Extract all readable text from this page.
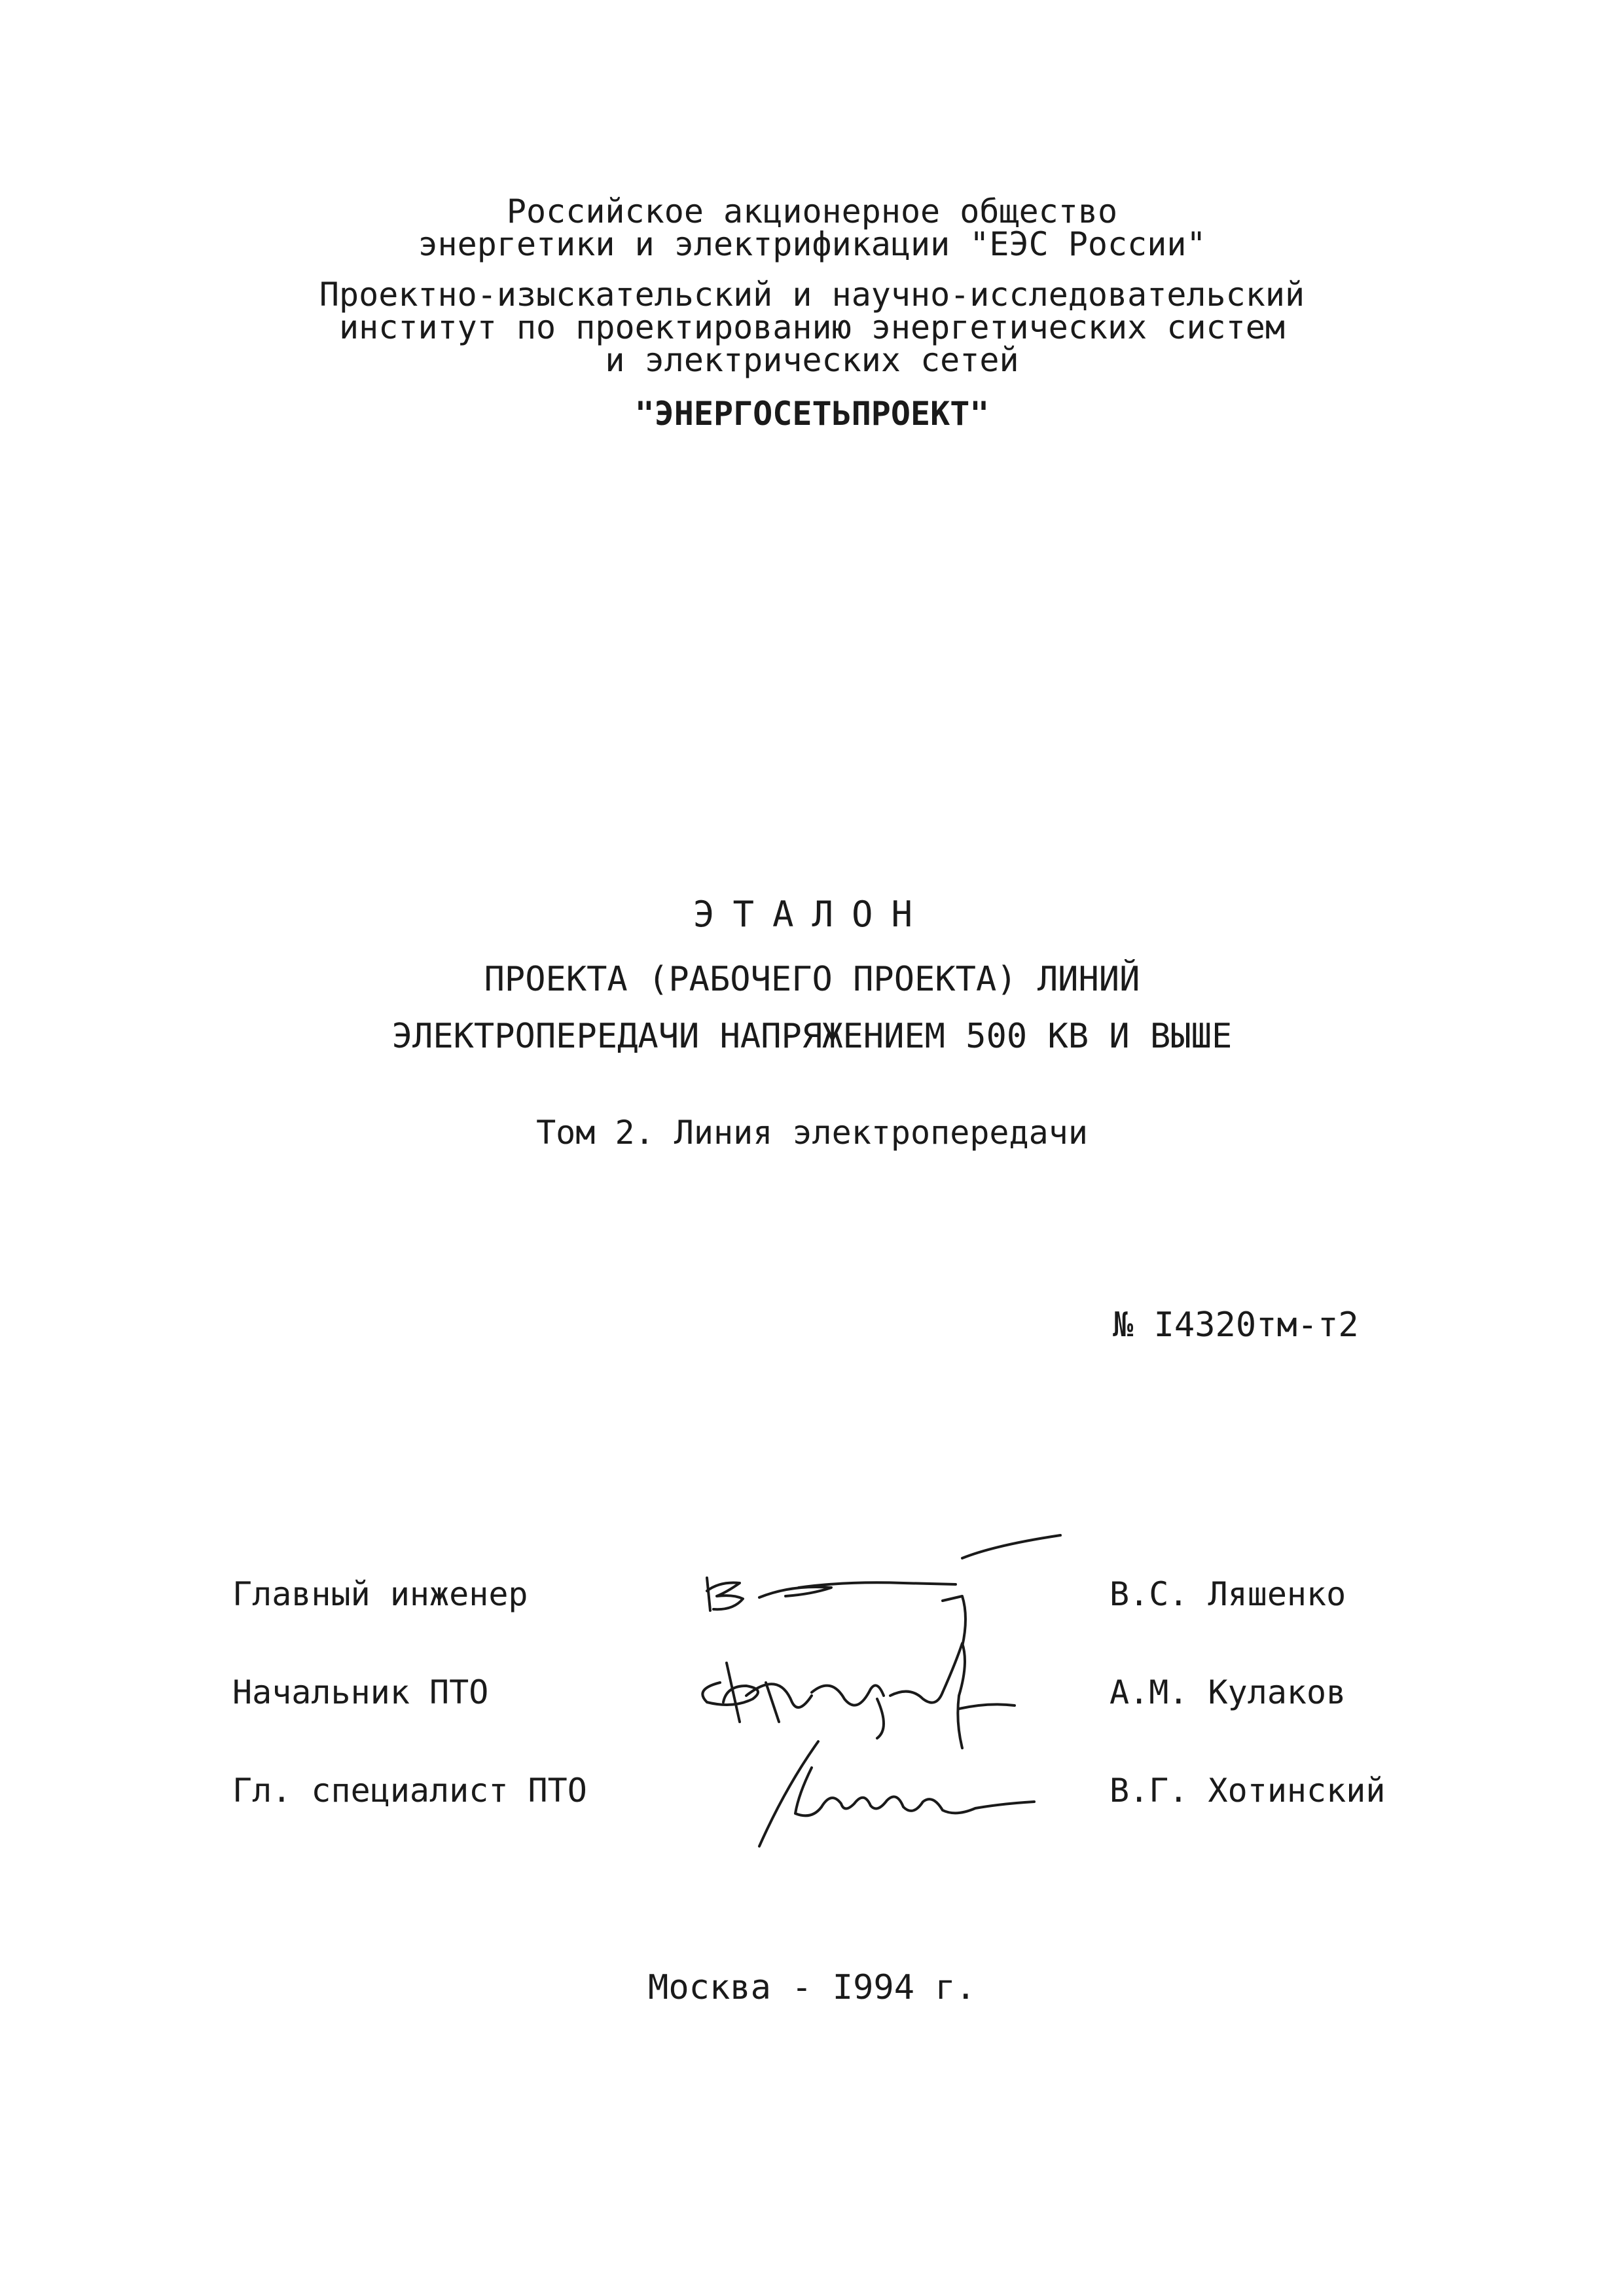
Российское акционерное общество
энергетики и электрификации "ЕЭС России"
Проектно-изыскательский и научно-исследовательский
институт по проектированию энергетических систем
и электрических сетей
"ЭНЕРГОСЕТЬПРОЕКТ"
ЭТАЛОН
ПРОЕКТА (РАБОЧЕГО ПРОЕКТА) ЛИНИЙ
ЭЛЕКТРОПЕРЕДАЧИ НАПРЯЖЕНИЕМ 500 КВ И ВЫШЕ
Том 2. Линия электропередачи
№ I4320тм-т2
Главный инженер	В.С. Ляшенко
Начальник ПТО	А.М. Кулаков
Гл. специалист ПТО	В.Г. Хотинский
Москва - I994 г.
